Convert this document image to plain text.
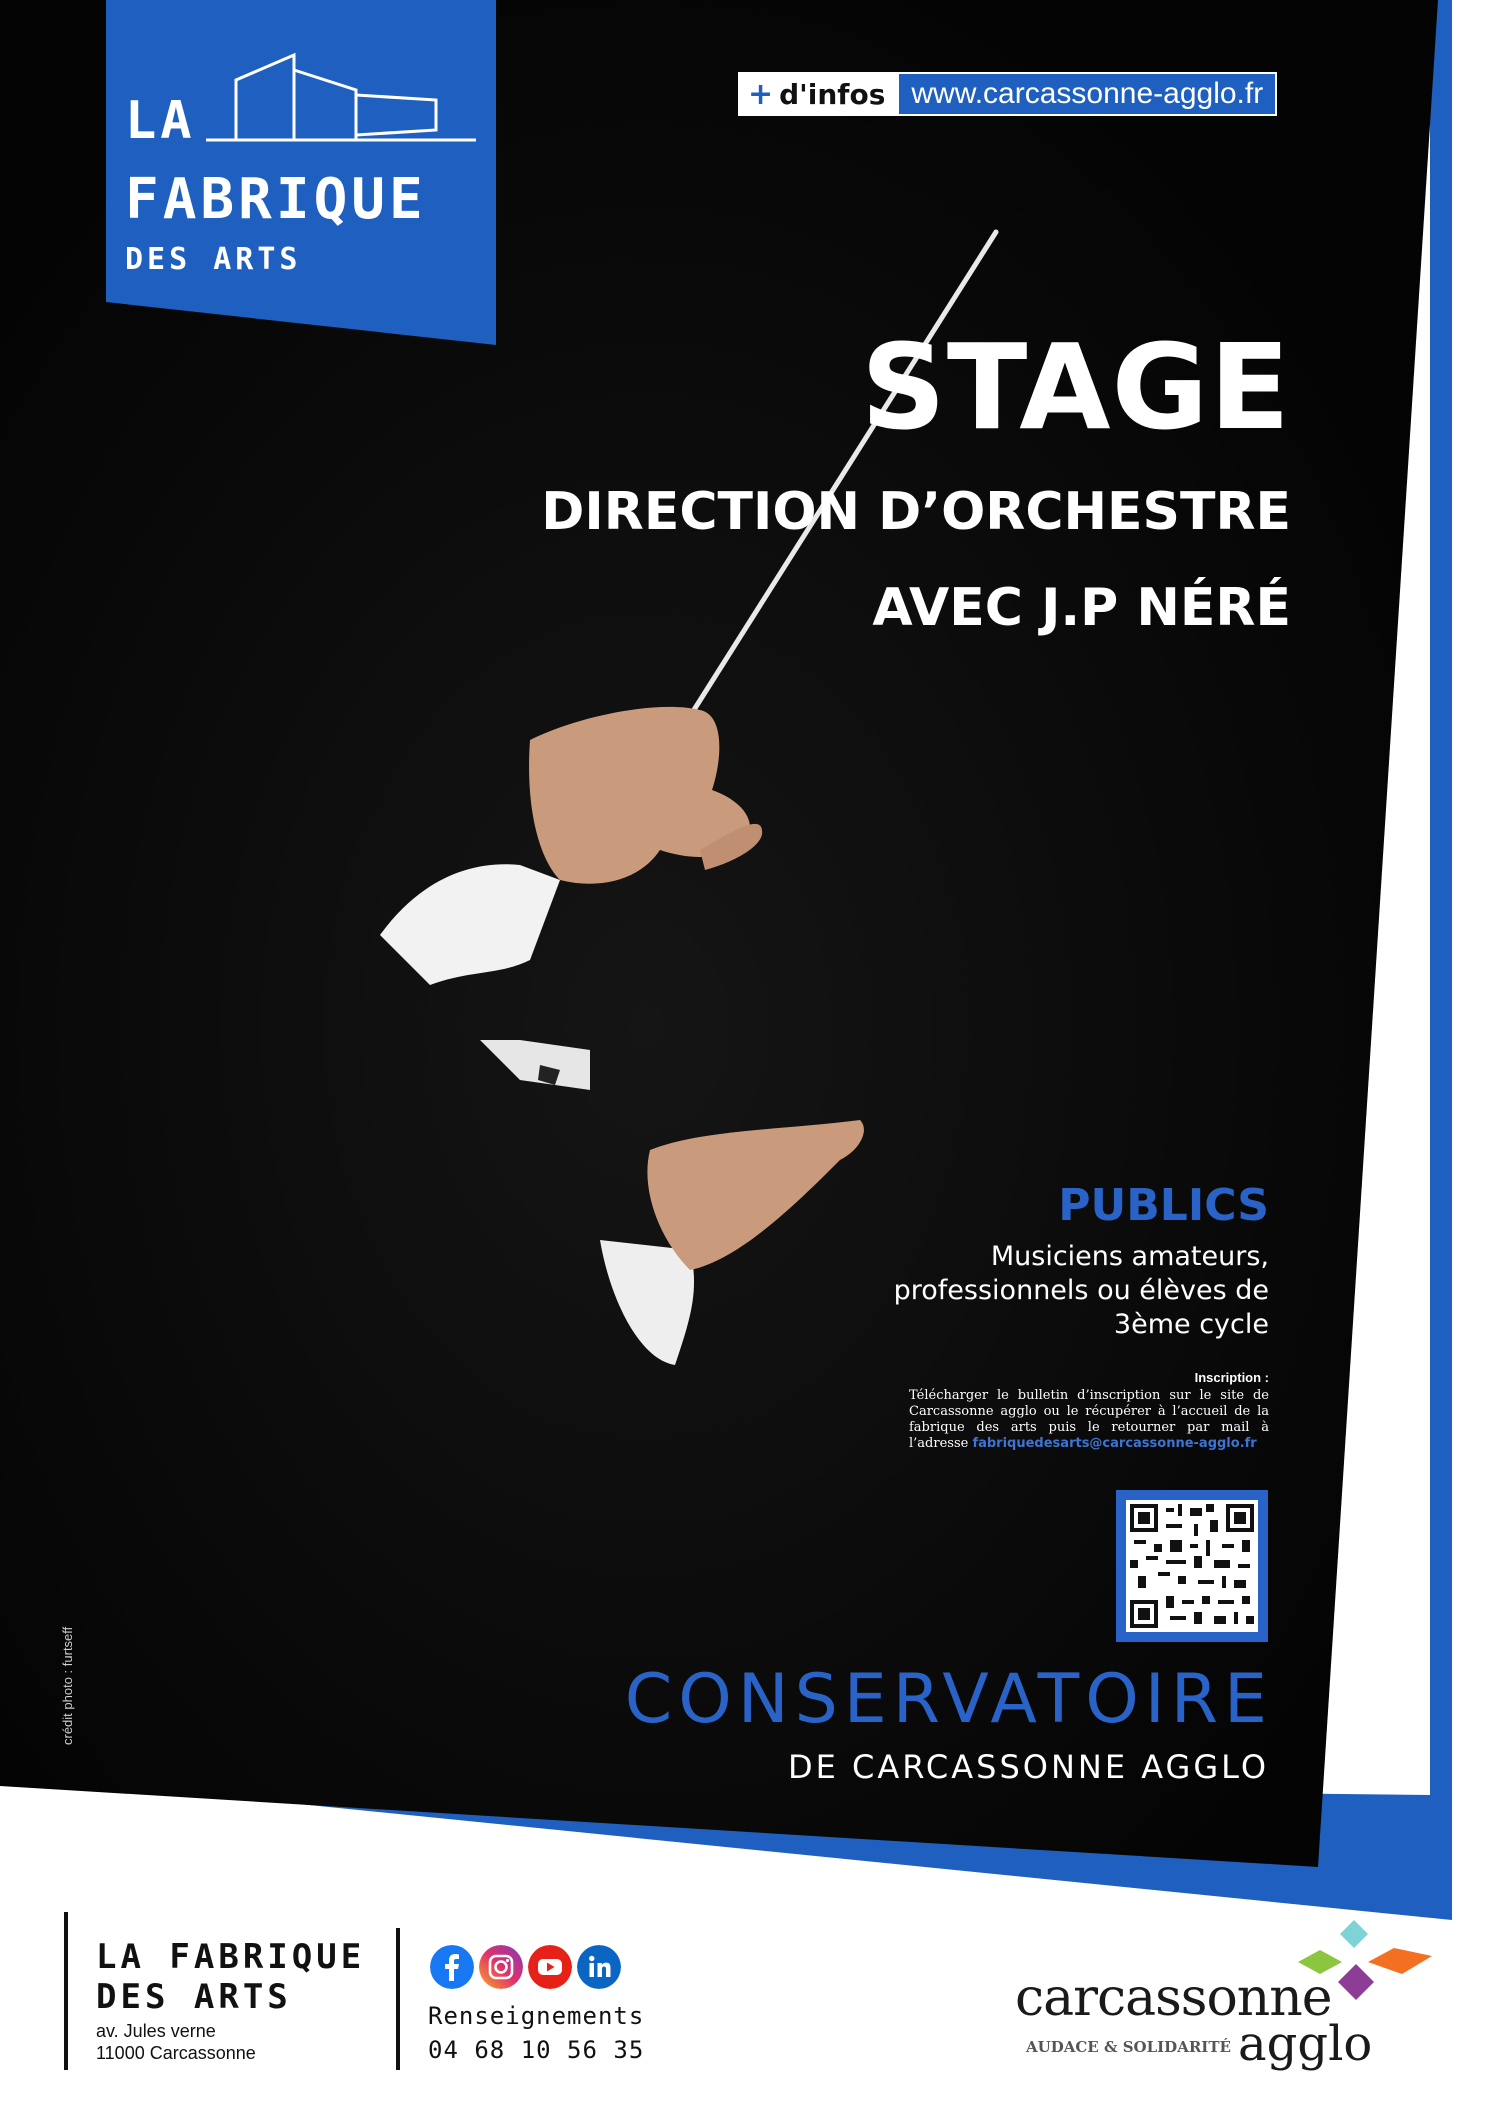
LA
FABRIQUE
DES ARTS
+ d'infos www.carcassonne-agglo.fr
STAGE
DIRECTION D’ORCHESTRE
AVEC J.P NÉRÉ
PUBLICS
Musiciens amateurs,
professionnels ou élèves de
3ème cycle
Inscription :
Télécharger le bulletin d’inscription sur le site de Carcassonne agglo ou le récupérer à l’accueil de la fabrique des arts puis le retourner par mail à l’adresse fabriquedesarts@carcassonne-agglo.fr
CONSERVATOIRE
DE CARCASSONNE AGGLO
crédit photo : furtseff
LA FABRIQUE
DES ARTS
av. Jules verne
11000 Carcassonne
Renseignements
04 68 10 56 35
carcassonne
agglo
AUDACE & SOLIDARITÉ
